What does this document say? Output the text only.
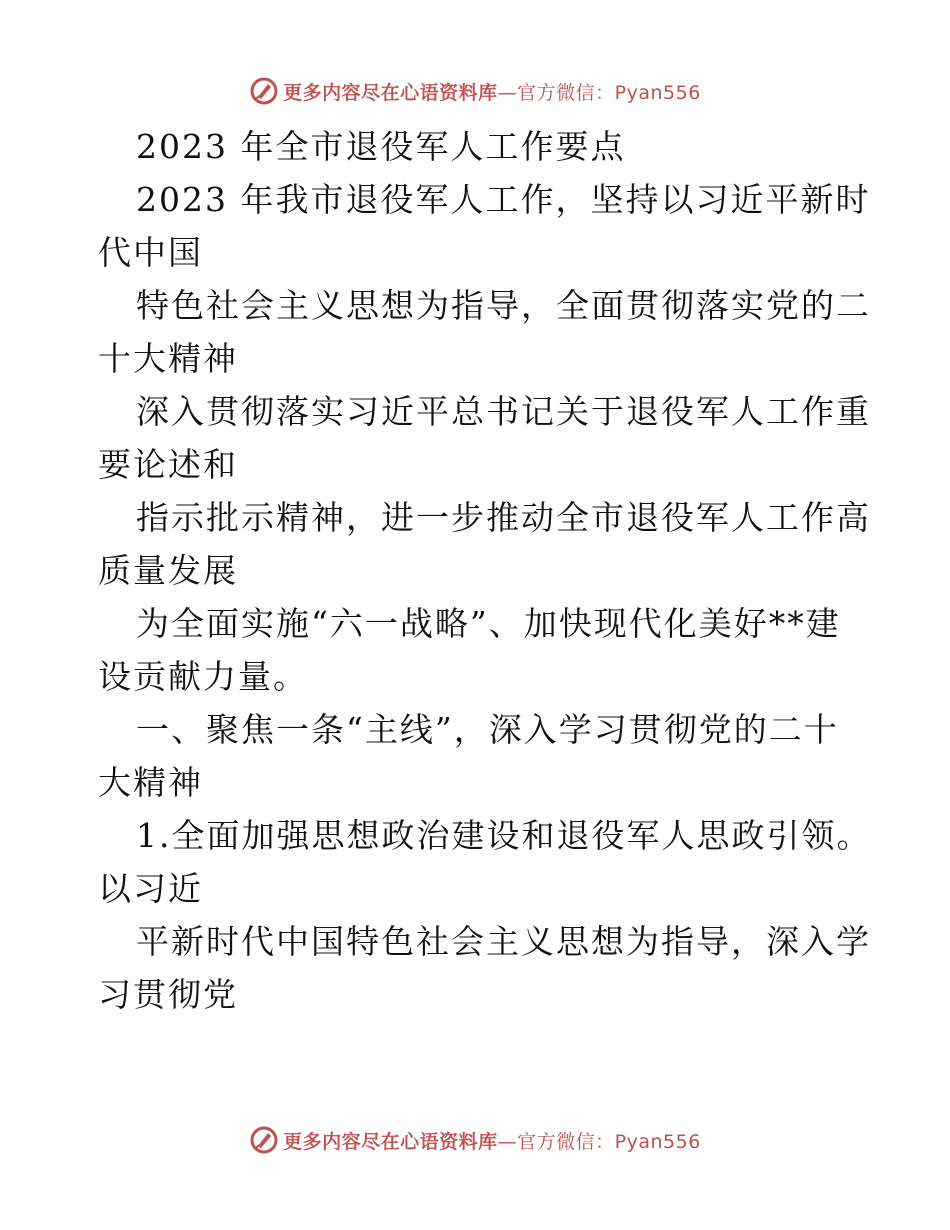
更多内容尽在心语资料库—官方微信：Pyan556
2023 年全市退役军人工作要点
2023 年我市退役军人工作，坚持以习近平新时
代中国
特色社会主义思想为指导，全面贯彻落实党的二
十大精神
深入贯彻落实习近平总书记关于退役军人工作重
要论述和
指示批示精神，进一步推动全市退役军人工作高
质量发展
为全面实施“六一战略”、加快现代化美好**建
设贡献力量。
一、聚焦一条“主线”，深入学习贯彻党的二十
大精神
1.全面加强思想政治建设和退役军人思政引领。
以习近
平新时代中国特色社会主义思想为指导，深入学
习贯彻党
更多内容尽在心语资料库—官方微信：Pyan556
